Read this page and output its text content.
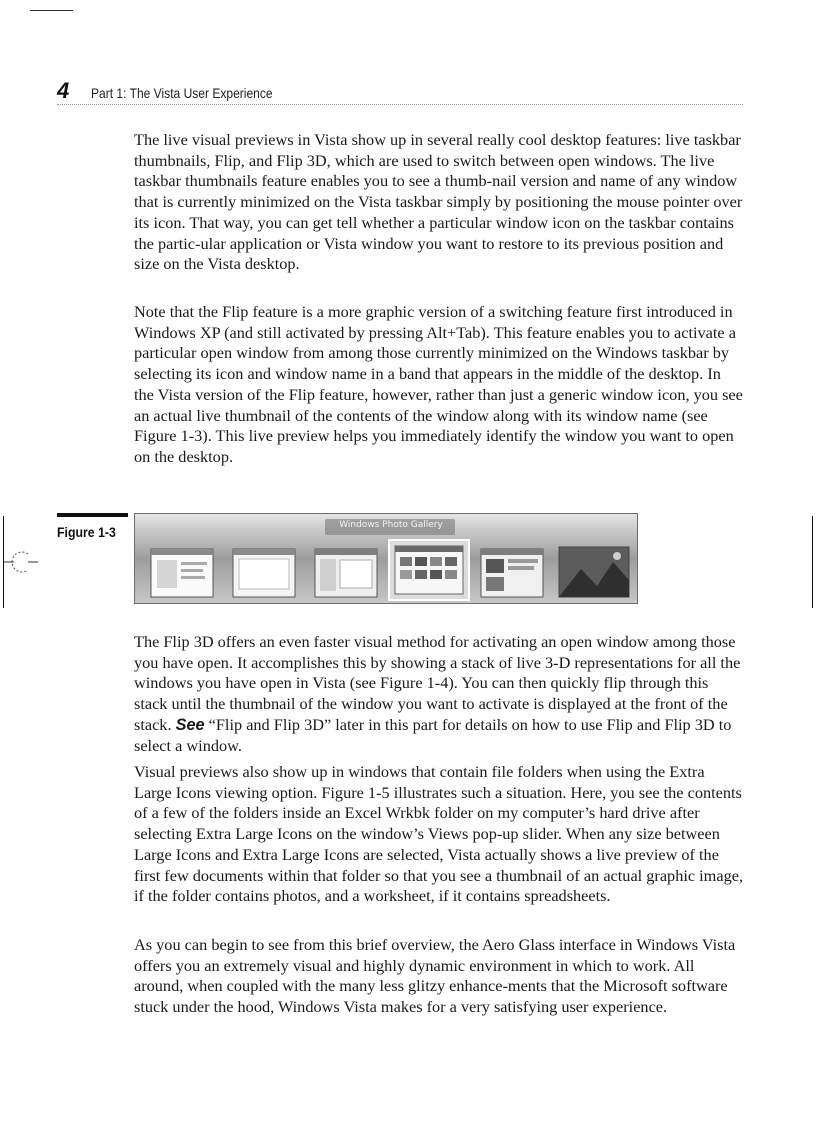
4 Part 1: The Vista User Experience

The live visual previews in Vista show up in several really cool desktop features: live taskbar thumbnails, Flip, and Flip 3D, which are used to switch between open windows. The live taskbar thumbnails feature enables you to see a thumb-nail version and name of any window that is currently minimized on the Vista taskbar simply by positioning the mouse pointer over its icon. That way, you can get tell whether a particular window icon on the taskbar contains the partic-ular application or Vista window you want to restore to its previous position and size on the Vista desktop.

Note that the Flip feature is a more graphic version of a switching feature first introduced in Windows XP (and still activated by pressing Alt+Tab). This feature enables you to activate a particular open window from among those currently minimized on the Windows taskbar by selecting its icon and window name in a band that appears in the middle of the desktop. In the Vista version of the Flip feature, however, rather than just a generic window icon, you see an actual live thumbnail of the contents of the window along with its window name (see Figure 1-3). This live preview helps you immediately identify the window you want to open on the desktop.

Figure 1-3	Windows Photo Gallery

The Flip 3D offers an even faster visual method for activating an open window among those you have open. It accomplishes this by showing a stack of live 3-D representations for all the windows you have open in Vista (see Figure 1-4). You can then quickly flip through this stack until the thumbnail of the window you want to activate is displayed at the front of the stack. See “Flip and Flip 3D” later in this part for details on how to use Flip and Flip 3D to select a window.

Visual previews also show up in windows that contain file folders when using the Extra Large Icons viewing option. Figure 1-5 illustrates such a situation. Here, you see the contents of a few of the folders inside an Excel Wrkbk folder on my computer’s hard drive after selecting Extra Large Icons on the window’s Views pop-up slider. When any size between Large Icons and Extra Large Icons are selected, Vista actually shows a live preview of the first few documents within that folder so that you see a thumbnail of an actual graphic image, if the folder contains photos, and a worksheet, if it contains spreadsheets.

As you can begin to see from this brief overview, the Aero Glass interface in Windows Vista offers you an extremely visual and highly dynamic environment in which to work. All around, when coupled with the many less glitzy enhance-ments that the Microsoft software stuck under the hood, Windows Vista makes for a very satisfying user experience.
